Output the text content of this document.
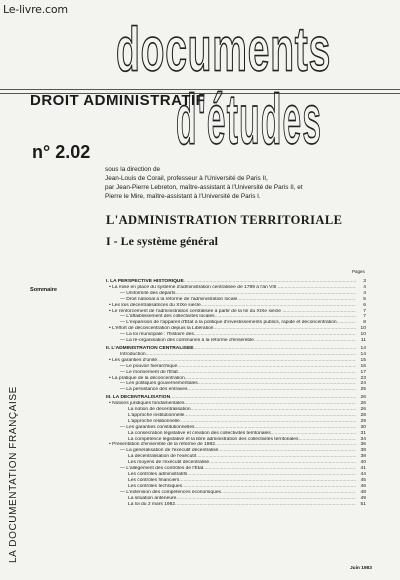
Le-livre.com
documents
DROIT ADMINISTRATIF
d'études
n° 2.02
sous la direction de
Jean-Louis de Corail, professeur à l'Université de Paris II,
par Jean-Pierre Lebreton, maître-assistant à l'Université de Paris II, et
Pierre le Mire, maître-assistant à l'Université de Paris I.
L'ADMINISTRATION TERRITORIALE
I - Le système général
Sommaire
Pages
I. LA PERSPECTIVE HISTORIQUE .....	3
• La mise en place du système d'administration centralisée de 1789 à l'an VIII ... .....	4
— Uniformité des départs .....	4
— Droit national à la réforme de l'administration locale .....	5
• Les lois décentralisatrices du XIXe siècle .....	6
• Le renforcement de l'administration centralisée à partir de la fin du XIXe siècle ... .....	7
— L'affaiblissement des collectivités locales .....	7
— L'expansion de l'appareil d'Etat à la politique d'investissements publics, rapide et déconcentration .....	8
• L'effort de déconcentration depuis la Libération .....	10
— La loi municipale : l'histoire des .....	10
— La ré-organisation des communes à la réforme d'ensemble .....	11
II. L'ADMINISTRATION CENTRALISÉE .....	14
Introduction .....	14
• Les garanties d'unité .....	15
— Le pouvoir hiérarchique .....	16
— Le monnement de l'Etat .....	17
• La pratique de la déconcentration .....	23
— Les politiques gouvernementales .....	24
— La persistance des entraves .....	25
III. LA DÉCENTRALISATION .....	26
• Notions juridiques fondamentales .....	26
La notion de décentralisation .....	26
L'approche institutionnelle .....	28
L'approche relationnelle .....	29
— Les garanties constitutionnelles .....	30
La consécration législative et création des collectivités territoriales .....	31
La compétence législative et la libre administration des collectivités territoriales .....	34
• Présentation d'ensemble de la réforme de 1982 .....	36
— La généralisation de l'exécutif décentralisé .....	38
La décentralisation de l'exécutif .....	38
Les moyens de l'exécutif décentralisé .....	40
— L'allégement des contrôles de l'Etat .....	41
Les contrôles administratifs .....	44
Les contrôles financiers .....	45
Les contrôles techniques .....	46
— L'extension des compétences économiques .....	48
La situation antérieure .....	49
La loi du 2 mars 1982 .....	51
Juin 1983
LA DOCUMENTATION FRANÇAISE
